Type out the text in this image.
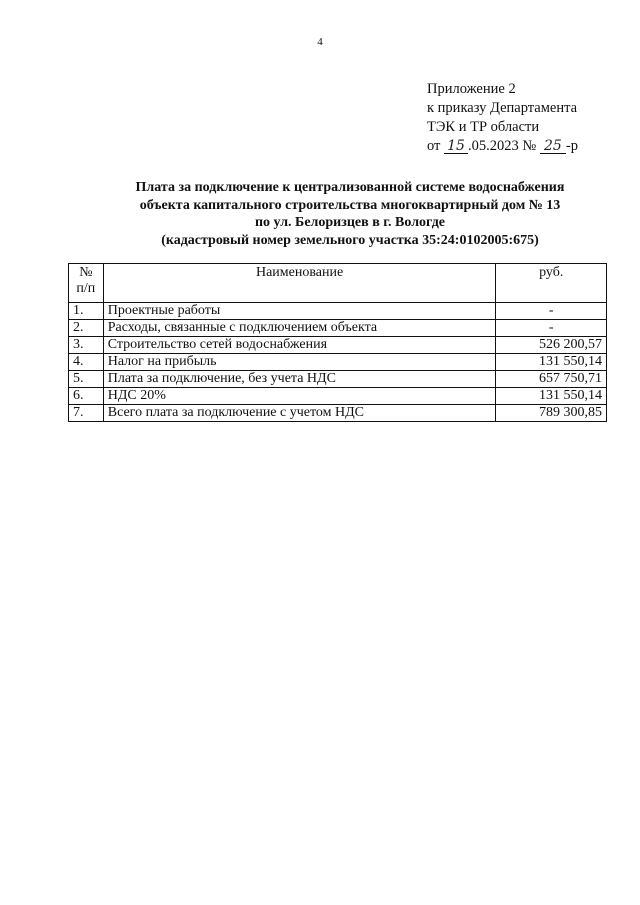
4
Приложение 2
к приказу Департамента
ТЭК и ТР области
от 15 .05.2023 № 25 -р
Плата за подключение к централизованной системе водоснабжения
объекта капитального строительства многоквартирный дом № 13
по ул. Белоризцев в г. Вологде
(кадастровый номер земельного участка 35:24:0102005:675)
№
п/п	Наименование	руб.
1.	Проектные работы	-
2.	Расходы, связанные с подключением объекта	-
3.	Строительство сетей водоснабжения	526 200,57
4.	Налог на прибыль	131 550,14
5.	Плата за подключение, без учета НДС	657 750,71
6.	НДС 20%	131 550,14
7.	Всего плата за подключение с учетом НДС	789 300,85
